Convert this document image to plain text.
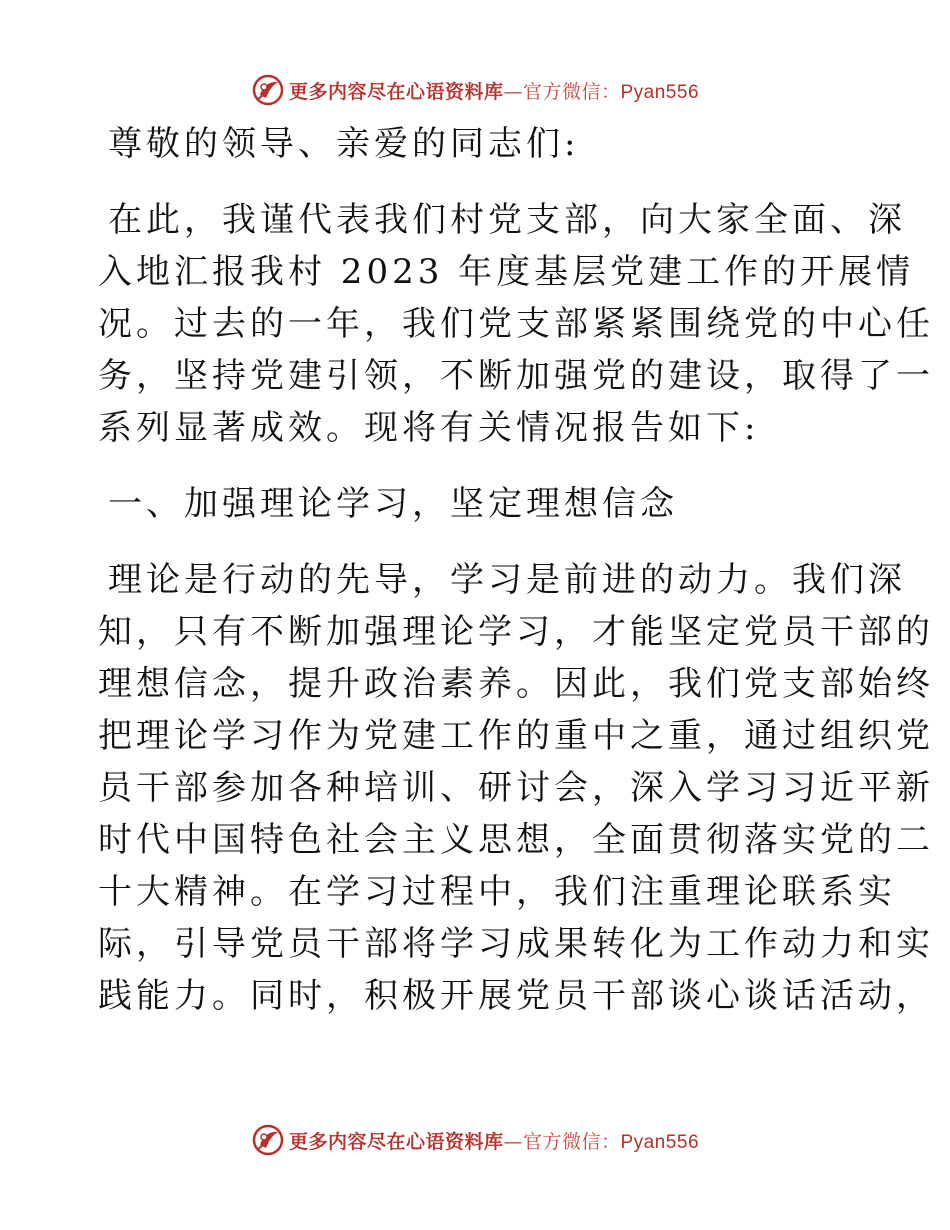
更多内容尽在心语资料库—官方微信：Pyan556
尊敬的领导、亲爱的同志们:
在此，我谨代表我们村党支部，向大家全面、深
入地汇报我村 2023 年度基层党建工作的开展情
况。过去的一年，我们党支部紧紧围绕党的中心任
务，坚持党建引领，不断加强党的建设，取得了一
系列显著成效。现将有关情况报告如下:
一、加强理论学习，坚定理想信念
理论是行动的先导，学习是前进的动力。我们深
知，只有不断加强理论学习，才能坚定党员干部的
理想信念，提升政治素养。因此，我们党支部始终
把理论学习作为党建工作的重中之重，通过组织党
员干部参加各种培训、研讨会，深入学习习近平新
时代中国特色社会主义思想，全面贯彻落实党的二
十大精神。在学习过程中，我们注重理论联系实
际，引导党员干部将学习成果转化为工作动力和实
践能力。同时，积极开展党员干部谈心谈话活动，
更多内容尽在心语资料库—官方微信：Pyan556
